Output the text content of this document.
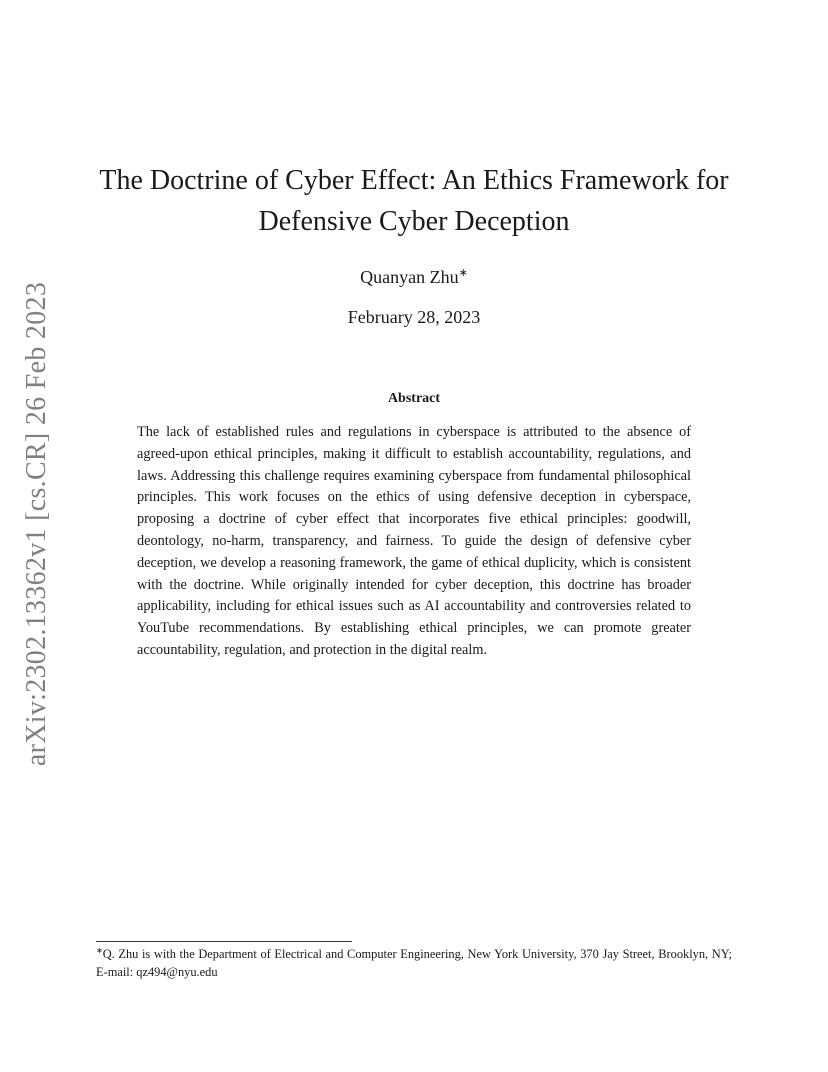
arXiv:2302.13362v1 [cs.CR] 26 Feb 2023
The Doctrine of Cyber Effect: An Ethics Framework for Defensive Cyber Deception
Quanyan Zhu∗
February 28, 2023
Abstract

The lack of established rules and regulations in cyberspace is attributed to the absence of agreed-upon ethical principles, making it difficult to establish accountability, regulations, and laws. Addressing this challenge requires examining cyberspace from fundamental philosophical principles. This work focuses on the ethics of using defensive deception in cyberspace, proposing a doctrine of cyber effect that incorporates five ethical principles: goodwill, deontology, no-harm, transparency, and fairness. To guide the design of defensive cyber deception, we develop a reasoning framework, the game of ethical duplicity, which is consistent with the doctrine. While originally intended for cyber deception, this doctrine has broader applicability, including for ethical issues such as AI accountability and controversies related to YouTube recommendations. By establishing ethical principles, we can promote greater accountability, regulation, and protection in the digital realm.

∗Q. Zhu is with the Department of Electrical and Computer Engineering, New York University, 370 Jay Street, Brooklyn, NY; E-mail: qz494@nyu.edu
